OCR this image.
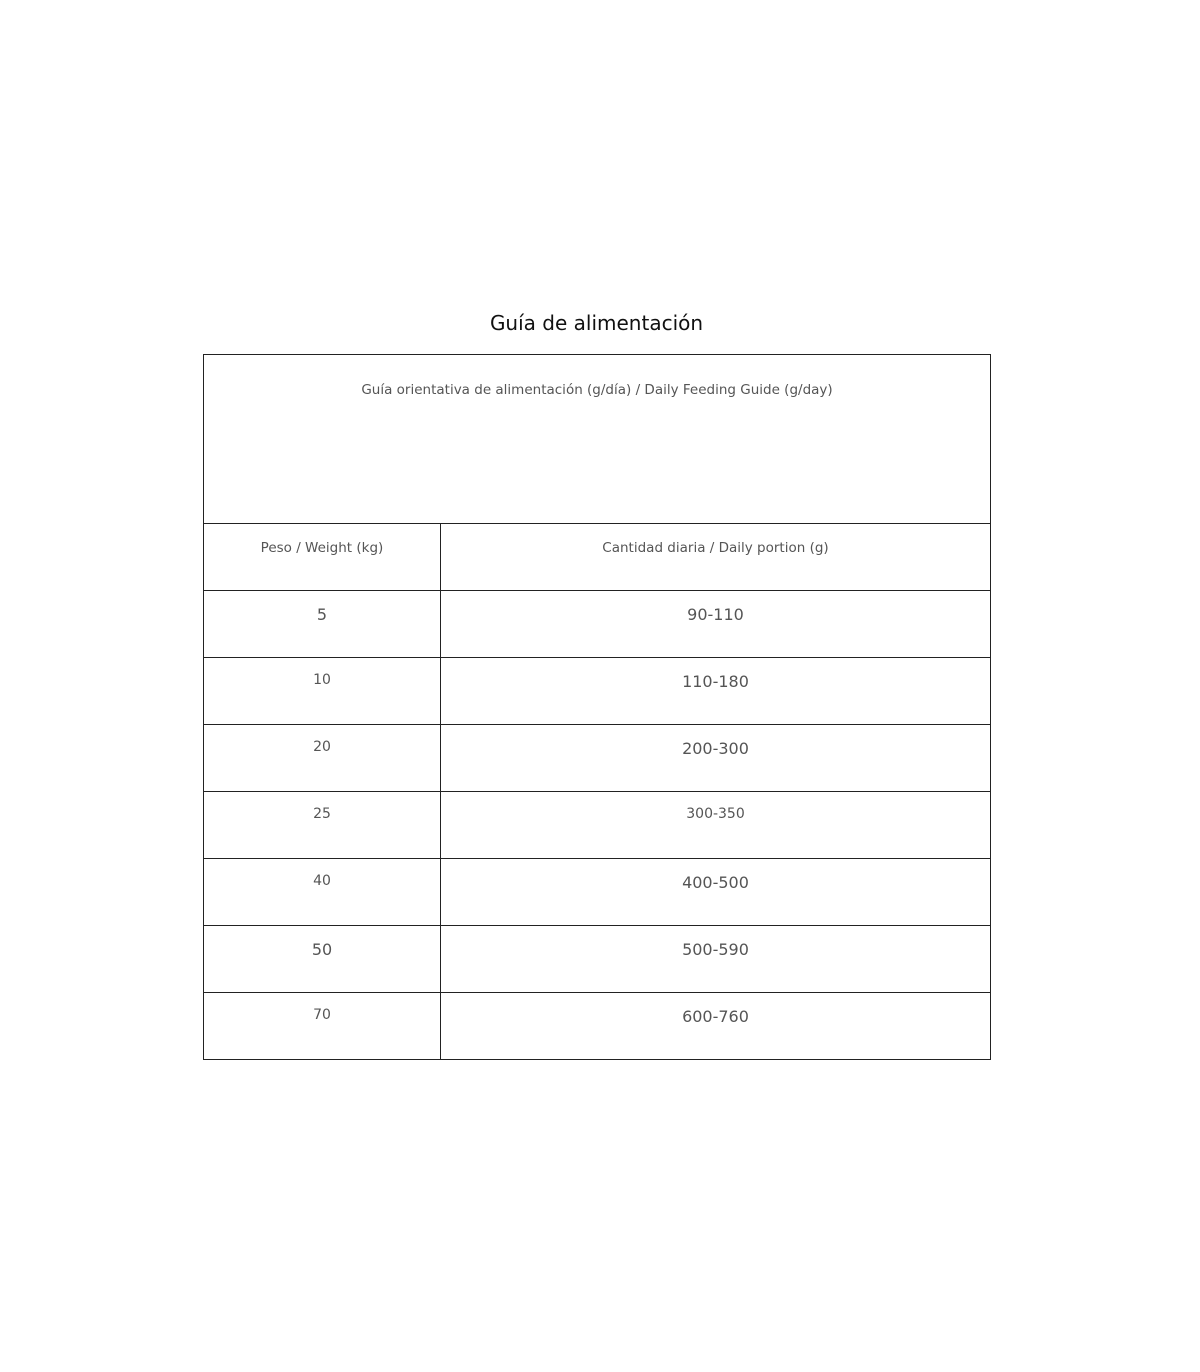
Guía de alimentación
Guía orientativa de alimentación (g/día) / Daily Feeding Guide (g/day)	

Peso / Weight (kg)	Cantidad diaria / Daily portion (g)

5	90-110

10	110-180

20	200-300

25	300-350

40	400-500

50	500-590

70	600-760
